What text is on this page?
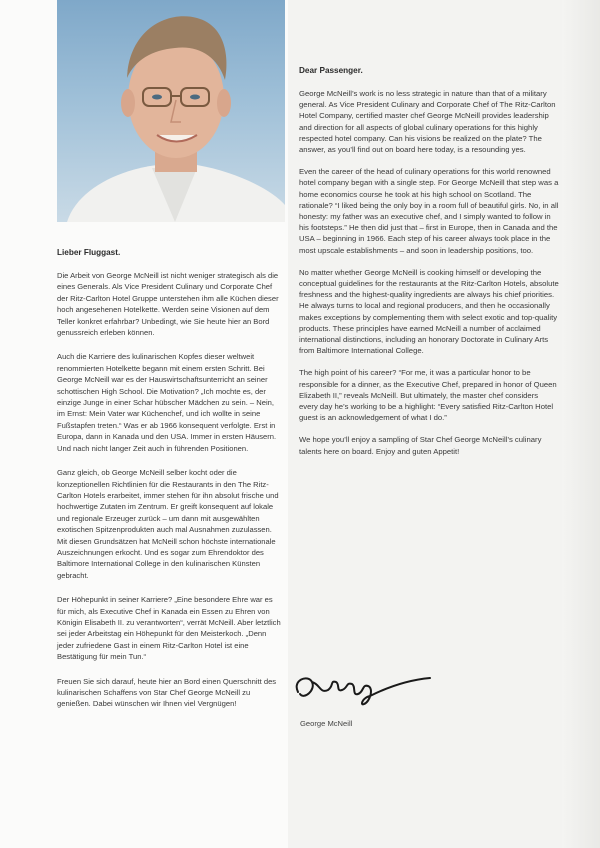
Lieber Fluggast.

Die Arbeit von George McNeill ist nicht weniger strategisch als die eines Generals. Als Vice President Culinary und Corporate Chef der Ritz-Carlton Hotel Gruppe unterstehen ihm alle Küchen dieser hoch angesehenen Hotelkette. Werden seine Visionen auf dem Teller konkret erfahrbar? Unbedingt, wie Sie heute hier an Bord genussreich erleben können.

Auch die Karriere des kulinarischen Kopfes dieser weltweit renommierten Hotelkette begann mit einem ersten Schritt. Bei George McNeill war es der Hauswirtschaftsunterricht an seiner schottischen High School. Die Motivation? „Ich mochte es, der einzige Junge in einer Schar hübscher Mädchen zu sein. – Nein, im Ernst: Mein Vater war Küchenchef, und ich wollte in seine Fußstapfen treten.“ Was er ab 1966 konsequent verfolgte. Erst in Europa, dann in Kanada und den USA. Immer in ersten Häusern. Und nach nicht langer Zeit auch in führenden Positionen.

Ganz gleich, ob George McNeill selber kocht oder die konzeptionellen Richtlinien für die Restaurants in den The Ritz-Carlton Hotels erarbeitet, immer stehen für ihn absolut frische und hochwertige Zutaten im Zentrum. Er greift konsequent auf lokale und regionale Erzeuger zurück – um dann mit ausgewählten exotischen Spitzenprodukten auch mal Ausnahmen zuzulassen. Mit diesen Grundsätzen hat McNeill schon höchste internationale Auszeichnungen erkocht. Und es sogar zum Ehrendoktor des Baltimore International College in den kulinarischen Künsten gebracht.

Der Höhepunkt in seiner Karriere? „Eine besondere Ehre war es für mich, als Executive Chef in Kanada ein Essen zu Ehren von Königin Elisabeth II. zu verantworten“, verrät McNeill. Aber letztlich sei jeder Arbeitstag ein Höhepunkt für den Meisterkoch. „Denn jeder zufriedene Gast in einem Ritz-Carlton Hotel ist eine Bestätigung für mein Tun.“

Freuen Sie sich darauf, heute hier an Bord einen Querschnitt des kulinarischen Schaffens von Star Chef George McNeill zu genießen. Dabei wünschen wir Ihnen viel Vergnügen!

Dear Passenger.

George McNeill’s work is no less strategic in nature than that of a military general. As Vice President Culinary and Corporate Chef of The Ritz-Carlton Hotel Company, certified master chef George McNeill provides leadership and direction for all aspects of global culinary operations for this highly respected hotel company. Can his visions be realized on the plate? The answer, as you’ll find out on board here today, is a resounding yes.

Even the career of the head of culinary operations for this world renowned hotel company began with a single step. For George McNeill that step was a home economics course he took at his high school on Scotland. The rationale? “I liked being the only boy in a room full of beautiful girls. No, in all honesty: my father was an executive chef, and I simply wanted to follow in his footsteps.” He then did just that – first in Europe, then in Canada and the USA – beginning in 1966. Each step of his career always took place in the most upscale establishments – and soon in leadership positions, too.

No matter whether George McNeill is cooking himself or developing the conceptual guidelines for the restaurants at the Ritz-Carlton Hotels, absolute freshness and the highest-quality ingredients are always his chief priorities. He always turns to local and regional producers, and then he occasionally makes exceptions by complementing them with select exotic and top-quality products. These principles have earned McNeill a number of acclaimed international distinctions, including an honorary Doctorate in Culinary Arts from Baltimore International College.

The high point of his career? “For me, it was a particular honor to be responsible for a dinner, as the Executive Chef, prepared in honor of Queen Elizabeth II,” reveals McNeill. But ultimately, the master chef considers every day he’s working to be a highlight: “Every satisfied Ritz-Carlton Hotel guest is an acknowledgement of what I do.”

We hope you’ll enjoy a sampling of Star Chef George McNeill’s culinary talents here on board. Enjoy and guten Appetit!

George McNeill
